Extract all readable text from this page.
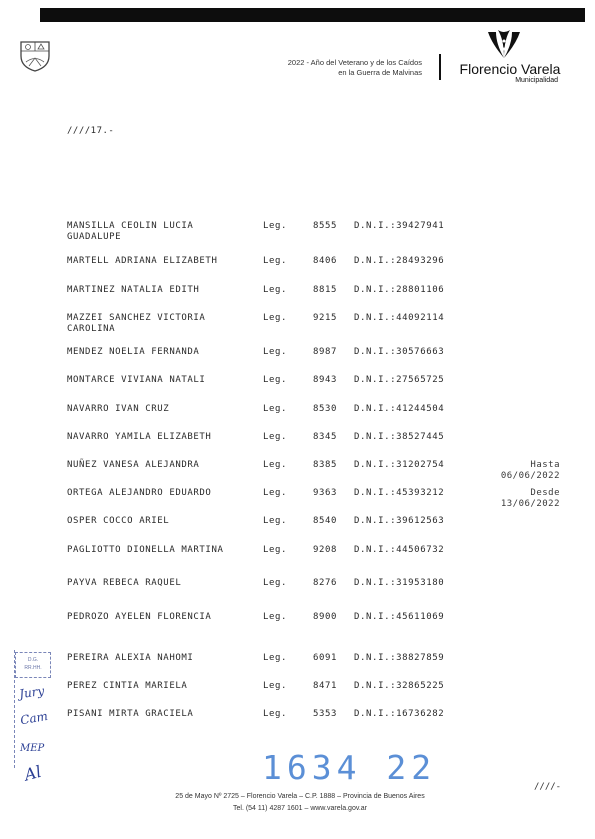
2022 - Año del Veterano y de los Caídos
en la Guerra de Malvinas	Florencio Varela
Municipalidad
////17.-
MANSILLA CEOLIN LUCIA
GUADALUPE
Leg.	8555 D.N.I.:39427941
MARTELL ADRIANA ELIZABETH	Leg.	8406 D.N.I.:28493296
MARTINEZ NATALIA EDITH	Leg.	8815 D.N.I.:28801106
MAZZEI SANCHEZ VICTORIA
CAROLINA
Leg.	9215 D.N.I.:44092114
MENDEZ NOELIA FERNANDA	Leg.	8987 D.N.I.:30576663
MONTARCE VIVIANA NATALI	Leg.	8943 D.N.I.:27565725
NAVARRO IVAN CRUZ	Leg.	8530 D.N.I.:41244504
NAVARRO YAMILA ELIZABETH	Leg.	8345 D.N.I.:38527445
NUÑEZ VANESA ALEJANDRA	Leg.	8385 D.N.I.:31202754
ORTEGA ALEJANDRO EDUARDO	Leg.	9363 D.N.I.:45393212
OSPER COCCO ARIEL	Leg.	8540 D.N.I.:39612563
PAGLIOTTO DIONELLA MARTINA	Leg.	9208 D.N.I.:44506732
PAYVA REBECA RAQUEL	Leg.	8276 D.N.I.:31953180
PEDROZO AYELEN FLORENCIA	Leg.	8900 D.N.I.:45611069
PEREIRA ALEXIA NAHOMI	Leg.	6091 D.N.I.:38827859
PEREZ CINTIA MARIELA	Leg.	8471 D.N.I.:32865225
PISANI MIRTA GRACIELA	Leg.	5353 D.N.I.:16736282
Hasta
06/06/2022
Desde
13/06/2022
D.G.
RR.HH.
Jury
Cam
MEP
Al	1634 22
25 de Mayo Nº 2725 – Florencio Varela – C.P. 1888 – Provincia de Buenos Aires
Tel. (54 11) 4287 1601 – www.varela.gov.ar
////-
